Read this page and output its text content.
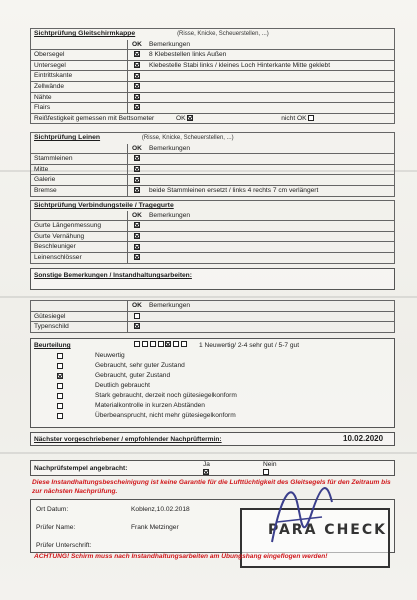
Sichtprüfung Gleitschirmkappe (Risse, Knicke, Scheuerstellen, ...)		
	OK	Bemerkungen
Obersegel		8 Klebestellen links Außen
Untersegel		Klebestelle Stabi links / kleines Loch Hinterkante Mitte geklebt
Eintrittskante		
Zellwände		
Nähte		
Flairs		
Reißfestigkeit gemessen mit Bettsometer OK nicht OK		
Sichtprüfung Leinen (Risse, Knicke, Scheuerstellen, ...)		
	OK	Bemerkungen
Stammleinen		
Mitte		
Galerie		
Bremse		beide Stammleinen ersetzt / links 4 rechts 7 cm verlängert
Sichtprüfung Verbindungsteile / Tragegurte		
	OK	Bemerkungen
Gurte Längenmessung		
Gurte Vernähung		
Beschleuniger		
Leinenschlösser		
Sonstige Bemerkungen / Instandhaltungsarbeiten:
	OK	Bemerkungen
Gütesiegel		
Typenschild		
Beurteilung
	1 Neuwertig/ 2-4 sehr gut / 5-7 gut
Neuwertig
Gebraucht, sehr guter Zustand
Gebraucht, guter Zustand
Deutlich gebraucht
Stark gebraucht, derzeit noch gütesiegelkonform
Materialkontrolle in kurzen Abständen
Überbeansprucht, nicht mehr gütesiegelkonform
Nächster vorgeschriebener / empfohlender Nachprüftermin:	10.02.2020
Nachprüfstempel angebracht:
Ja	Nein
Diese Instandhaltungsbescheinigung ist keine Garantie für die Lufttüchtigkeit des Gleitsegels für den Zeitraum bis zur nächsten Nachprüfung.
Ort Datum:	Koblenz,10.02.2018
Prüfer Name:	Frank Metzinger
Prüfer Unterschrift:
PARA CHECK
ACHTUNG! Schirm muss nach Instandhaltungsarbeiten am Übungshang eingeflogen werden!
